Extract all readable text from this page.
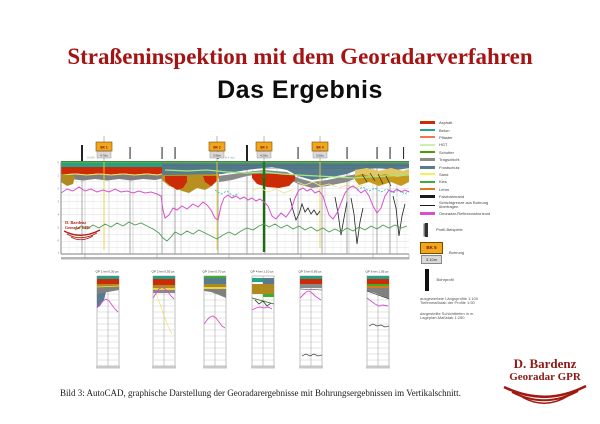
Straßeninspektion mit dem Georadarverfahren
Das Ergebnis
0
1
2
3
4
5
6
7
0+000	B 4 neu
BK 1
4.70m
BK 2
3.90m
BK 3
4.20m
BK 4
3.60m
D. Bardenz
Georadar GPR
Asphalt
Beton
Pflaster
HGT
Schotter
Tragschicht
Frostschutz
Sand
Kies
Lehm
Fahrbahnrand
Schichtgrenze aus Bohrung
übertragen
Georadar-Reflexionshorizont
Profil-Beispiele
BK 5
3.10m
Bohrung
Bohrprofil
ausgewertete Längsprofile 1:100
Tiefenmaßstab der Profile 1:50
dargestellte Schichttiefen in m
Lageplan-Maßstab 1:250
QP 1 bei 0,30 µs	QP 2 bei 0,55 µs	QP 3 bei 0,70 µs	QP 4 bei 1,10 µs	QP 5 bei 0,85 µs	QP 6 bei 1,05 µs

Bild 3: AutoCAD, graphische Darstellung der Georadarergebnisse mit Bohrungsergebnissen im Vertikalschnitt.

D. Bardenz
Georadar GPR
